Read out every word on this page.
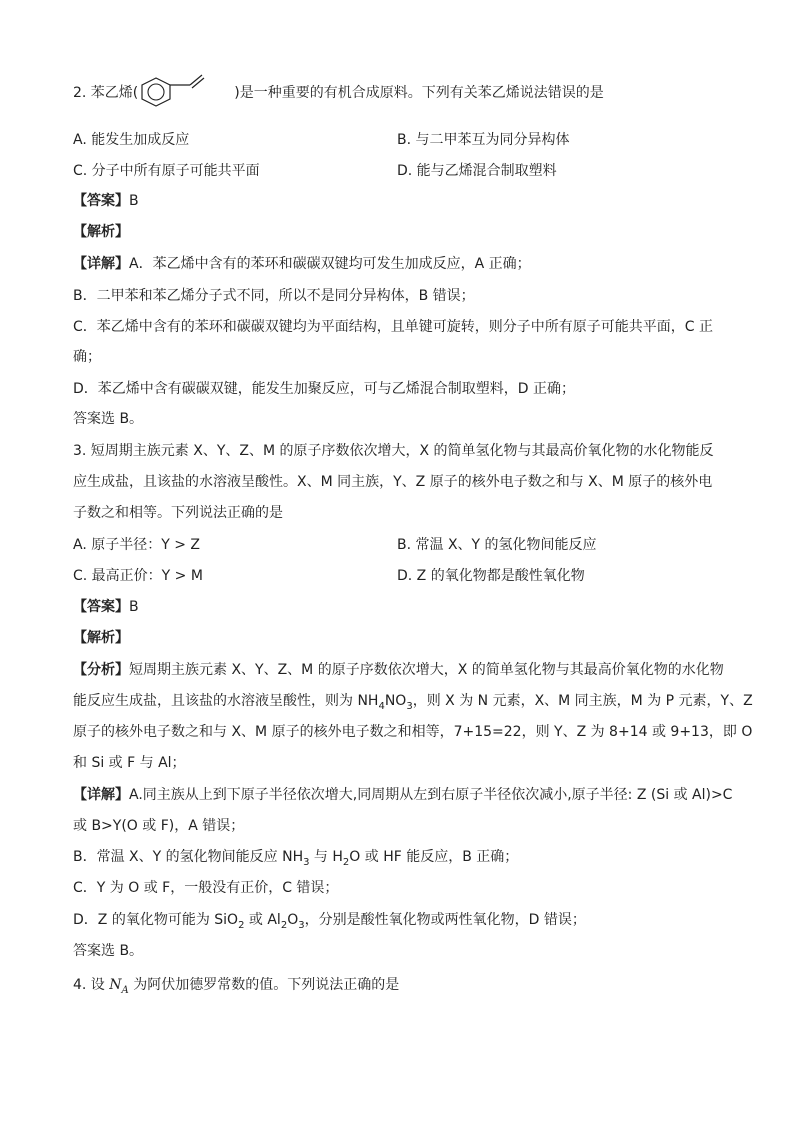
2. 苯乙烯(	)是一种重要的有机合成原料。下列有关苯乙烯说法错误的是
A. 能发生加成反应	B. 与二甲苯互为同分异构体
C. 分子中所有原子可能共平面	D. 能与乙烯混合制取塑料
【答案】B
【解析】
【详解】A．苯乙烯中含有的苯环和碳碳双键均可发生加成反应，A 正确；
B．二甲苯和苯乙烯分子式不同，所以不是同分异构体，B 错误；
C．苯乙烯中含有的苯环和碳碳双键均为平面结构，且单键可旋转，则分子中所有原子可能共平面，C 正
确；
D．苯乙烯中含有碳碳双键，能发生加聚反应，可与乙烯混合制取塑料，D 正确；
答案选 B。
3. 短周期主族元素 X、Y、Z、M 的原子序数依次增大，X 的简单氢化物与其最高价氧化物的水化物能反
应生成盐，且该盐的水溶液呈酸性。X、M 同主族，Y、Z 原子的核外电子数之和与 X、M 原子的核外电
子数之和相等。下列说法正确的是
A. 原子半径：Y > Z	B. 常温 X、Y 的氢化物间能反应
C. 最高正价：Y > M	D. Z 的氧化物都是酸性氧化物
【答案】B
【解析】
【分析】短周期主族元素 X、Y、Z、M 的原子序数依次增大，X 的简单氢化物与其最高价氧化物的水化物
能反应生成盐，且该盐的水溶液呈酸性，则为 $NH_4NO_3$，则 X 为 N 元素，X、M 同主族，M 为 P 元素，Y、Z
原子的核外电子数之和与 X、M 原子的核外电子数之和相等，7+15=22，则 Y、Z 为 8+14 或 9+13，即 O
和 Si 或 F 与 Al；
【详解】A.同主族从上到下原子半径依次增大,同周期从左到右原子半径依次减小,原子半径: Z (Si 或 Al)>C
或 B>Y(O 或 F)，A 错误；
B．常温 X、Y 的氢化物间能反应 $NH_3$ 与 $H_2O$ 或 HF 能反应，B 正确；
C．Y 为 O 或 F，一般没有正价，C 错误；
D．Z 的氧化物可能为 SiO$_2$ 或 $Al_2O_3$，分别是酸性氧化物或两性氧化物，D 错误；
答案选 B。
4. 设 $N_A$ 为阿伏加德罗常数的值。下列说法正确的是
